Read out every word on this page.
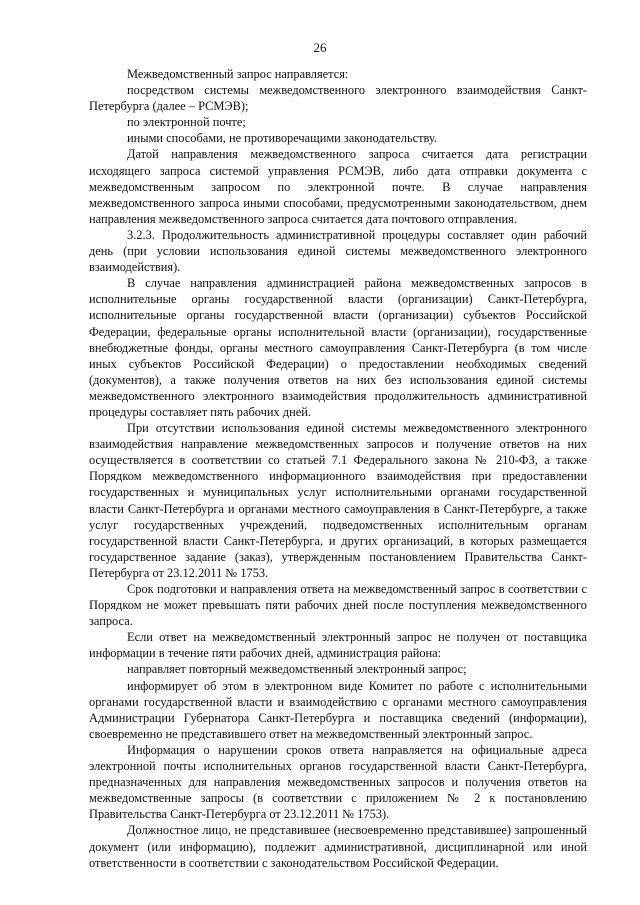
26

Межведомственный запрос направляется:

посредством системы межведомственного электронного взаимодействия Санкт-Петербурга (далее – РСМЭВ);

по электронной почте;

иными способами, не противоречащими законодательству.

Датой направления межведомственного запроса считается дата регистрации исходящего запроса системой управления РСМЭВ, либо дата отправки документа с межведомственным запросом по электронной почте. В случае направления межведомственного запроса иными способами, предусмотренными законодательством, днем направления межведомственного запроса считается дата почтового отправления.

3.2.3. Продолжительность административной процедуры составляет один рабочий день (при условии использования единой системы межведомственного электронного взаимодействия).

В случае направления администрацией района межведомственных запросов в исполнительные органы государственной власти (организации) Санкт-Петербурга, исполнительные органы государственной власти (организации) субъектов Российской Федерации, федеральные органы исполнительной власти (организации), государственные внебюджетные фонды, органы местного самоуправления Санкт-Петербурга (в том числе иных субъектов Российской Федерации) о предоставлении необходимых сведений (документов), а также получения ответов на них без использования единой системы межведомственного электронного взаимодействия продолжительность административной процедуры составляет пять рабочих дней.

При отсутствии использования единой системы межведомственного электронного взаимодействия направление межведомственных запросов и получение ответов на них осуществляется в соответствии со статьей 7.1 Федерального закона № 210-ФЗ, а также Порядком межведомственного информационного взаимодействия при предоставлении государственных и муниципальных услуг исполнительными органами государственной власти Санкт-Петербурга и органами местного самоуправления в Санкт-Петербурге, а также услуг государственных учреждений, подведомственных исполнительным органам государственной власти Санкт-Петербурга, и других организаций, в которых размещается государственное задание (заказ), утвержденным постановлением Правительства Санкт-Петербурга от 23.12.2011 № 1753.

Срок подготовки и направления ответа на межведомственный запрос в соответствии с Порядком не может превышать пяти рабочих дней после поступления межведомственного запроса.

Если ответ на межведомственный электронный запрос не получен от поставщика информации в течение пяти рабочих дней, администрация района:

направляет повторный межведомственный электронный запрос;

информирует об этом в электронном виде Комитет по работе с исполнительными органами государственной власти и взаимодействию с органами местного самоуправления Администрации Губернатора Санкт-Петербурга и поставщика сведений (информации), своевременно не представившего ответ на межведомственный электронный запрос.

Информация о нарушении сроков ответа направляется на официальные адреса электронной почты исполнительных органов государственной власти Санкт-Петербурга, предназначенных для направления межведомственных запросов и получения ответов на межведомственные запросы (в соответствии с приложением № 2 к постановлению Правительства Санкт-Петербурга от 23.12.2011 № 1753).

Должностное лицо, не представившее (несвоевременно представившее) запрошенный документ (или информацию), подлежит административной, дисциплинарной или иной ответственности в соответствии с законодательством Российской Федерации.
